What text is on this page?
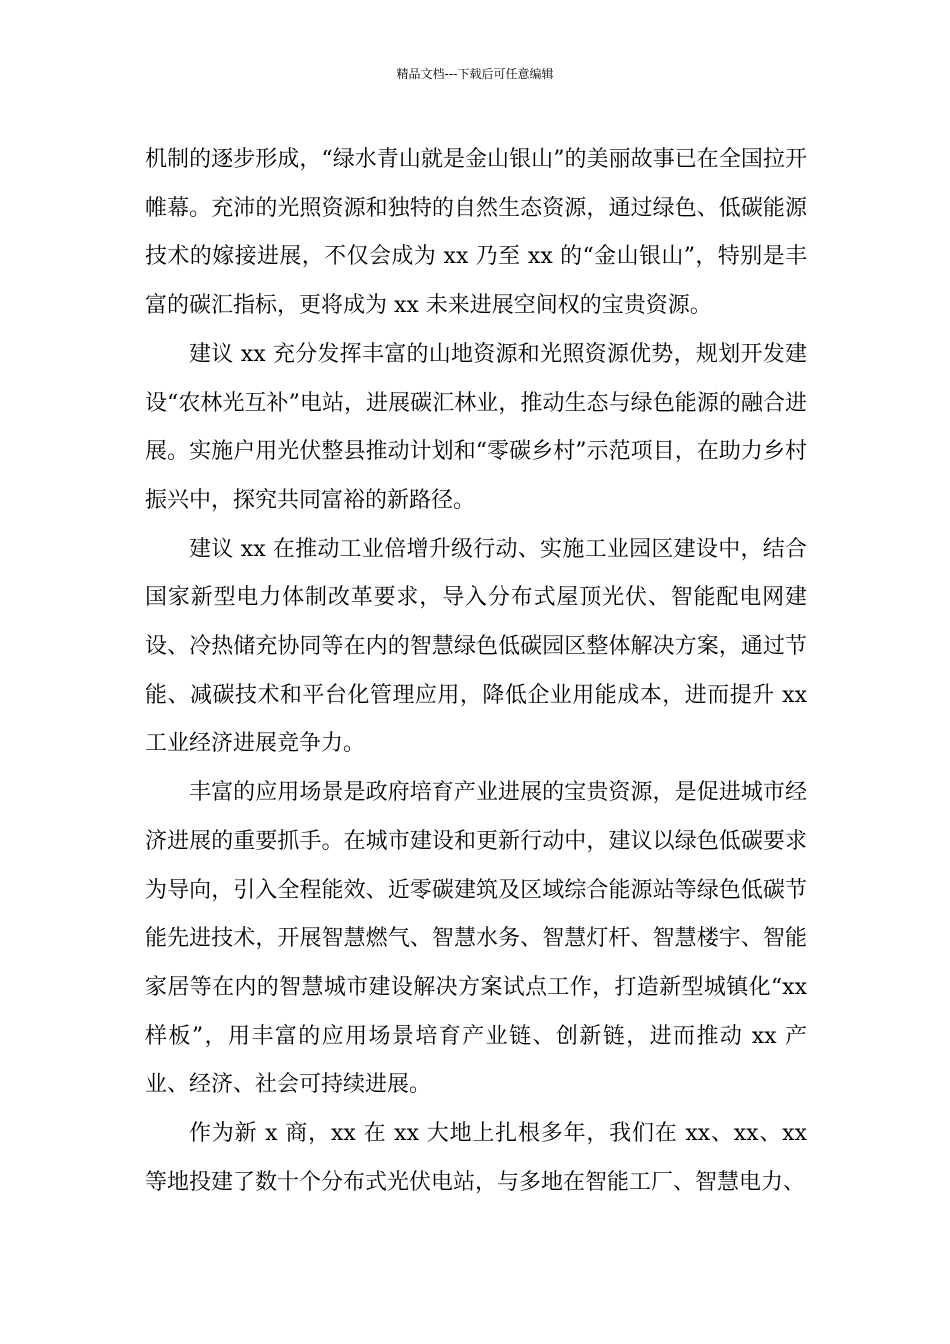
精品文档---下载后可任意编辑

机制的逐步形成，“绿水青山就是金山银山”的美丽故事已在全国拉开帷幕。充沛的光照资源和独特的自然生态资源，通过绿色、低碳能源技术的嫁接进展，不仅会成为 xx 乃至 xx 的“金山银山”，特别是丰富的碳汇指标，更将成为 xx 未来进展空间权的宝贵资源。

建议 xx 充分发挥丰富的山地资源和光照资源优势，规划开发建设“农林光互补”电站，进展碳汇林业，推动生态与绿色能源的融合进展。实施户用光伏整县推动计划和“零碳乡村”示范项目，在助力乡村振兴中，探究共同富裕的新路径。

建议 xx 在推动工业倍增升级行动、实施工业园区建设中，结合国家新型电力体制改革要求，导入分布式屋顶光伏、智能配电网建设、冷热储充协同等在内的智慧绿色低碳园区整体解决方案，通过节能、减碳技术和平台化管理应用，降低企业用能成本，进而提升 xx 工业经济进展竞争力。

丰富的应用场景是政府培育产业进展的宝贵资源，是促进城市经济进展的重要抓手。在城市建设和更新行动中，建议以绿色低碳要求为导向，引入全程能效、近零碳建筑及区域综合能源站等绿色低碳节能先进技术，开展智慧燃气、智慧水务、智慧灯杆、智慧楼宇、智能家居等在内的智慧城市建设解决方案试点工作，打造新型城镇化“xx 样板”，用丰富的应用场景培育产业链、创新链，进而推动 xx 产业、经济、社会可持续进展。

作为新 x 商，xx 在 xx 大地上扎根多年，我们在 xx、xx、xx 等地投建了数十个分布式光伏电站，与多地在智能工厂、智慧电力、
